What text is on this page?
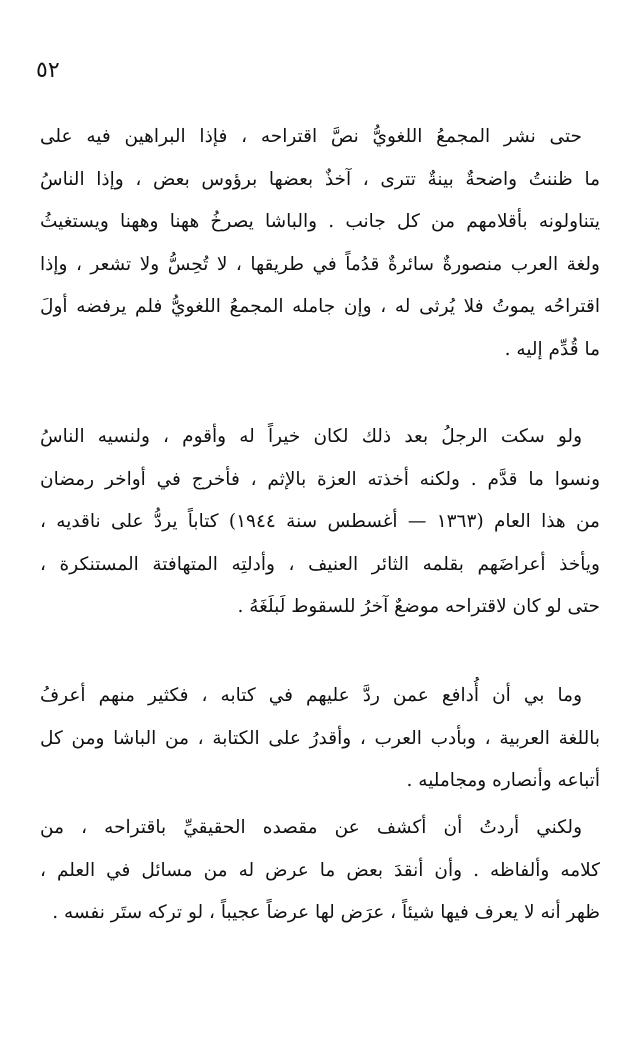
٥٢
حتى نشر المجمعُ اللغويُّ نصَّ اقتراحه ، فإذا البراهين فيه على
ما ظننتُ واضحةٌ بينةٌ تترى ، آخذٌ بعضها برؤوس بعض ، وإذا الناسُ
يتناولونه بأقلامهم من كل جانب . والباشا يصرخُ ههنا وههنا ويستغيثُ
ولغة العرب منصورةٌ سائرةٌ قدُماً في طريقها ، لا تُحِسُّ ولا تشعر ، وإذا
اقتراحُه يموتُ فلا يُرثى له ، وإن جامله المجمعُ اللغويُّ فلم يرفضه أولَ
ما قُدِّم إليه .
ولو سكت الرجلُ بعد ذلك لكان خيراً له وأقوم ، ولنسيه الناسُ
ونسوا ما قدَّم . ولكنه أخذته العزة بالإثم ، فأخرج في أواخر رمضان
من هذا العام (١٣٦٣ — أغسطس سنة ١٩٤٤) كتاباً يردُّ على ناقديه ،
ويأخذ أعراضَهم بقلمه الثائر العنيف ، وأدلتِه المتهافتة المستنكرة ،
حتى لو كان لاقتراحه موضعٌ آخرُ للسقوط لَبلَغَهُ .
وما بي أن أُدافع عمن ردَّ عليهم في كتابه ، فكثير منهم أعرفُ
باللغة العربية ، وبأدب العرب ، وأقدرُ على الكتابة ، من الباشا ومن كل
أتباعه وأنصاره ومجامليه .
ولكني أردتُ أن أكشف عن مقصده الحقيقيِّ باقتراحه ، من
كلامه وألفاظه . وأن أنقدَ بعض ما عرض له من مسائل في العلم ،
ظهر أنه لا يعرف فيها شيئاً ، عرَض لها عرضاً عجيباً ، لو تركه ستَر نفسه .
